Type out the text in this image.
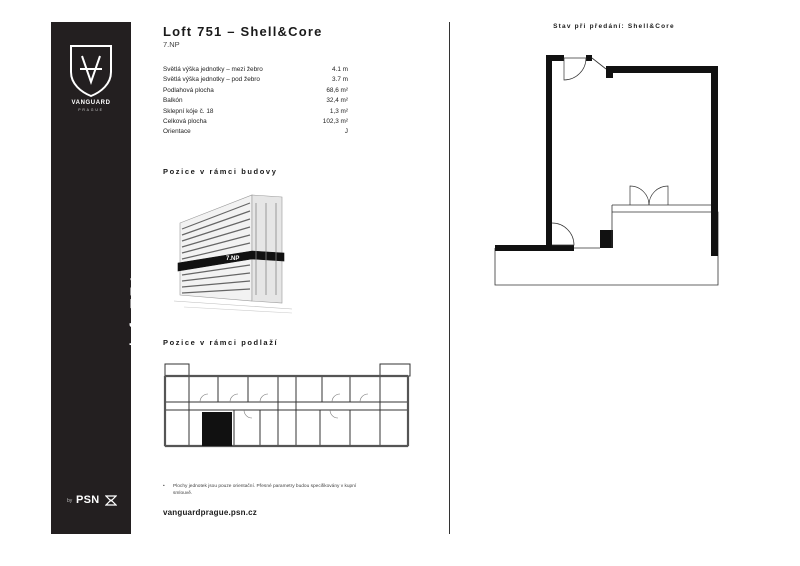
VANGUARD
PRAGUE
loft 751
by PSN
Loft 751 – Shell&Core
7.NP
Světlá výška jednotky – mezi žebro	4.1 m
Světlá výška jednotky – pod žebro	3.7 m
Podlahová plocha	68,6 m²
Balkón	32,4 m²
Sklepní kóje č. 18	1,3 m²
Celková plocha	102,3 m²
Orientace	J
Pozice v rámci budovy
7.NP
Pozice v rámci podlaží
• Plochy jednotek jsou pouze orientační. Přesné parametry budou specifikovány v kupní smlouvě.
vanguardprague.psn.cz
Stav při předání: Shell&Core
